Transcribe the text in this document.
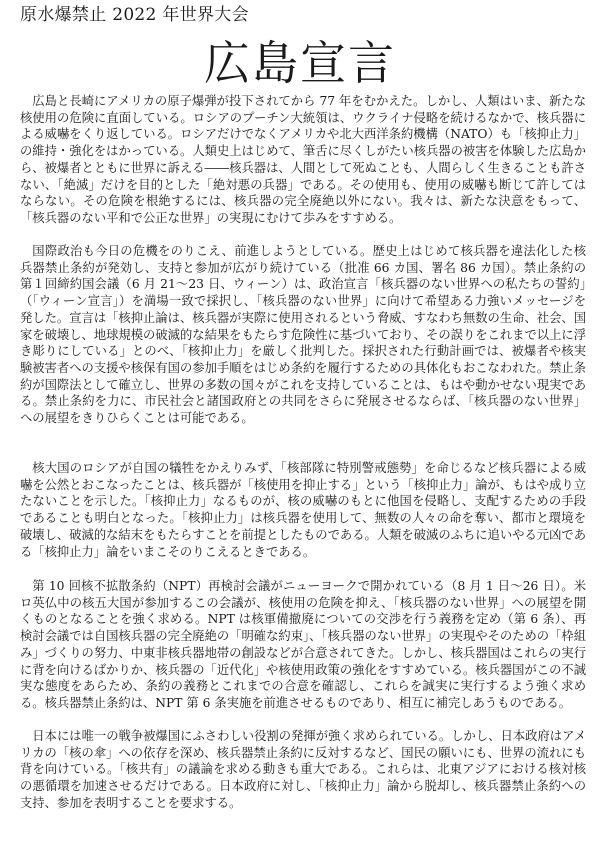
原水爆禁止 2022 年世界大会
広島宣言

広島と長崎にアメリカの原子爆弾が投下されてから 77 年をむかえた。しかし、人類はいま、新たな核使用の危険に直面している。ロシアのプーチン大統領は、ウクライナ侵略を続けるなかで、核兵器による威嚇をくり返している。ロシアだけでなくアメリカや北大西洋条約機構（NATO）も「核抑止力」の維持・強化をはかっている。人類史上はじめて、筆舌に尽くしがたい核兵器の被害を体験した広島から、被爆者とともに世界に訴える――核兵器は、人間として死ぬことも、人間らしく生きることも許さない、「絶滅」だけを目的とした「絶対悪の兵器」である。その使用も、使用の威嚇も断じて許してはならない。その危険を根絶するには、核兵器の完全廃絶以外にない。我々は、新たな決意をもって、「核兵器のない平和で公正な世界」の実現にむけて歩みをすすめる。

国際政治も今日の危機をのりこえ、前進しようとしている。歴史上はじめて核兵器を違法化した核兵器禁止条約が発効し、支持と参加が広がり続けている（批准 66 カ国、署名 86 カ国）。禁止条約の第１回締約国会議（6 月 21～23 日、ウィーン）は、政治宣言「核兵器のない世界への私たちの誓約」（「ウィーン宣言」）を満場一致で採択し、「核兵器のない世界」に向けて希望ある力強いメッセージを発した。宣言は「核抑止論は、核兵器が実際に使用されるという脅威、すなわち無数の生命、社会、国家を破壊し、地球規模の破滅的な結果をもたらす危険性に基づいており、その誤りをこれまで以上に浮き彫りにしている」とのべ、「核抑止力」を厳しく批判した。採択された行動計画では、被爆者や核実験被害者への支援や核保有国の参加手順をはじめ条約を履行するための具体化もおこなわれた。禁止条約が国際法として確立し、世界の多数の国々がこれを支持していることは、もはや動かせない現実である。禁止条約を力に、市民社会と諸国政府との共同をさらに発展させるならば、「核兵器のない世界」への展望をきりひらくことは可能である。

核大国のロシアが自国の犠牲をかえりみず、「核部隊に特別警戒態勢」を命じるなど核兵器による威嚇を公然とおこなったことは、核兵器が「核使用を抑止する」という「核抑止力」論が、もはや成り立たないことを示した。「核抑止力」なるものが、核の威嚇のもとに他国を侵略し、支配するための手段であることも明白となった。「核抑止力」は核兵器を使用して、無数の人々の命を奪い、都市と環境を破壊し、破滅的な結末をもたらすことを前提としたものである。人類を破滅のふちに追いやる元凶である「核抑止力」論をいまこそのりこえるときである。

第 10 回核不拡散条約（NPT）再検討会議がニューヨークで開かれている（8 月 1 日～26 日）。米ロ英仏中の核五大国が参加するこの会議が、核使用の危険を抑え、「核兵器のない世界」への展望を開くものとなることを強く求める。NPT は核軍備撤廃についての交渉を行う義務を定め（第 6 条）、再検討会議では自国核兵器の完全廃絶の「明確な約束」、「核兵器のない世界」の実現やそのための「枠組み」づくりの努力、中東非核兵器地帯の創設などが合意されてきた。しかし、核兵器国はこれらの実行に背を向けるばかりか、核兵器の「近代化」や核使用政策の強化をすすめている。核兵器国がこの不誠実な態度をあらため、条約の義務とこれまでの合意を確認し、これらを誠実に実行するよう強く求める。核兵器禁止条約は、NPT 第 6 条実施を前進させるものであり、相互に補完しあうものである。

日本には唯一の戦争被爆国にふさわしい役割の発揮が強く求められている。しかし、日本政府はアメリカの「核の傘」への依存を深め、核兵器禁止条約に反対するなど、国民の願いにも、世界の流れにも背を向けている。「核共有」の議論を求める動きも重大である。これらは、北東アジアにおける核対核の悪循環を加速させるだけである。日本政府に対し、「核抑止力」論から脱却し、核兵器禁止条約への支持、参加を表明することを要求する。
